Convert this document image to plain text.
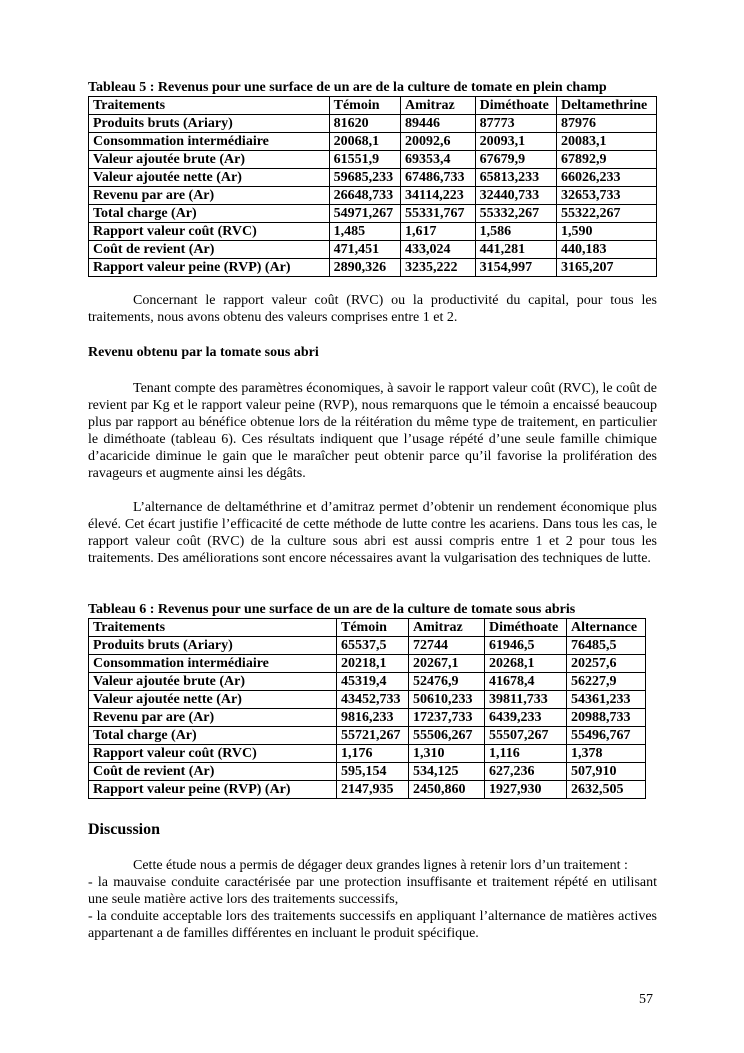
Tableau 5 : Revenus pour une surface de un are de la culture de tomate en plein champ
Traitements	Témoin	Amitraz	Diméthoate	Deltamethrine
Produits bruts (Ariary)	81620	89446	87773	87976
Consommation intermédiaire	20068,1	20092,6	20093,1	20083,1
Valeur ajoutée brute (Ar)	61551,9	69353,4	67679,9	67892,9
Valeur ajoutée nette (Ar)	59685,233	67486,733	65813,233	66026,233
Revenu par are (Ar)	26648,733	34114,223	32440,733	32653,733
Total charge (Ar)	54971,267	55331,767	55332,267	55322,267
Rapport valeur coût (RVC)	1,485	1,617	1,586	1,590
Coût de revient (Ar)	471,451	433,024	441,281	440,183
Rapport valeur peine (RVP) (Ar)	2890,326	3235,222	3154,997	3165,207

Concernant le rapport valeur coût (RVC) ou la productivité du capital, pour tous les traitements, nous avons obtenu des valeurs comprises entre 1 et 2.

Revenu obtenu par la tomate sous abri

Tenant compte des paramètres économiques, à savoir le rapport valeur coût (RVC), le coût de revient par Kg et le rapport valeur peine (RVP), nous remarquons que le témoin a encaissé beaucoup plus par rapport au bénéfice obtenue lors de la réitération du même type de traitement, en particulier le diméthoate (tableau 6). Ces résultats indiquent que l’usage répété d’une seule famille chimique d’acaricide diminue le gain que le maraîcher peut obtenir parce qu’il favorise la prolifération des ravageurs et augmente ainsi les dégâts.

L’alternance de deltaméthrine et d’amitraz permet d’obtenir un rendement économique plus élevé. Cet écart justifie l’efficacité de cette méthode de lutte contre les acariens. Dans tous les cas, le rapport valeur coût (RVC) de la culture sous abri est aussi compris entre 1 et 2 pour tous les traitements. Des améliorations sont encore nécessaires avant la vulgarisation des techniques de lutte.

Tableau 6 : Revenus pour une surface de un are de la culture de tomate sous abris
Traitements	Témoin	Amitraz	Diméthoate	Alternance
Produits bruts (Ariary)	65537,5	72744	61946,5	76485,5
Consommation intermédiaire	20218,1	20267,1	20268,1	20257,6
Valeur ajoutée brute (Ar)	45319,4	52476,9	41678,4	56227,9
Valeur ajoutée nette (Ar)	43452,733	50610,233	39811,733	54361,233
Revenu par are (Ar)	9816,233	17237,733	6439,233	20988,733
Total charge (Ar)	55721,267	55506,267	55507,267	55496,767
Rapport valeur coût (RVC)	1,176	1,310	1,116	1,378
Coût de revient (Ar)	595,154	534,125	627,236	507,910
Rapport valeur peine (RVP) (Ar)	2147,935	2450,860	1927,930	2632,505
Discussion

Cette étude nous a permis de dégager deux grandes lignes à retenir lors d’un traitement :

- la mauvaise conduite caractérisée par une protection insuffisante et traitement répété en utilisant une seule matière active lors des traitements successifs,

- la conduite acceptable lors des traitements successifs en appliquant l’alternance de matières actives appartenant a de familles différentes en incluant le produit spécifique.

57
